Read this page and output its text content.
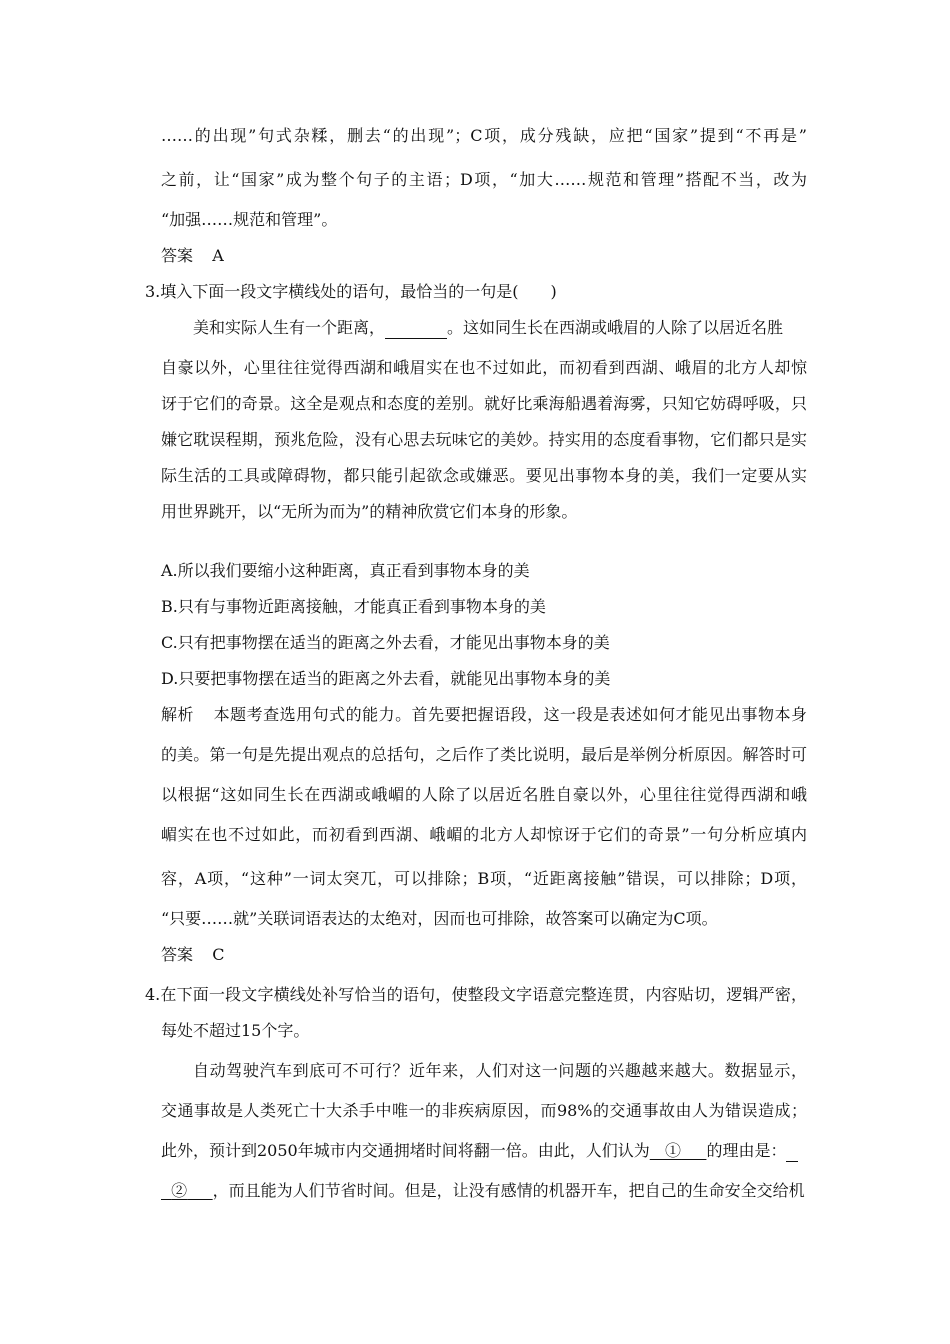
……的出现”句式杂糅，删去“的出现”；C项，成分残缺，应把“国家”提到“不再是”
之前，让“国家”成为整个句子的主语；D项，“加大……规范和管理”搭配不当，改为
“加强……规范和管理”。
答案 A
3.填入下面一段文字横线处的语句，最恰当的一句是(　　)
美和实际人生有一个距离，	。这如同生长在西湖或峨眉的人除了以居近名胜
自豪以外，心里往往觉得西湖和峨眉实在也不过如此，而初看到西湖、峨眉的北方人却惊
讶于它们的奇景。这全是观点和态度的差别。就好比乘海船遇着海雾，只知它妨碍呼吸，只
嫌它耽误程期，预兆危险，没有心思去玩味它的美妙。持实用的态度看事物，它们都只是实
际生活的工具或障碍物，都只能引起欲念或嫌恶。要见出事物本身的美，我们一定要从实
用世界跳开，以“无所为而为”的精神欣赏它们本身的形象。
A.所以我们要缩小这种距离，真正看到事物本身的美
B.只有与事物近距离接触，才能真正看到事物本身的美
C.只有把事物摆在适当的距离之外去看，才能见出事物本身的美
D.只要把事物摆在适当的距离之外去看，就能见出事物本身的美
解析 本题考查选用句式的能力。首先要把握语段，这一段是表述如何才能见出事物本身
的美。第一句是先提出观点的总括句，之后作了类比说明，最后是举例分析原因。解答时可
以根据“这如同生长在西湖或峨嵋的人除了以居近名胜自豪以外，心里往往觉得西湖和峨
嵋实在也不过如此，而初看到西湖、峨嵋的北方人却惊讶于它们的奇景”一句分析应填内
容，A项，“这种”一词太突兀，可以排除；B项，“近距离接触”错误，可以排除；D项，
“只要……就”关联词语表达的太绝对，因而也可排除，故答案可以确定为C项。
答案 C
4.在下面一段文字横线处补写恰当的语句，使整段文字语意完整连贯，内容贴切，逻辑严密，
每处不超过15个字。
自动驾驶汽车到底可不可行？近年来，人们对这一问题的兴趣越来越大。数据显示，
交通事故是人类死亡十大杀手中唯一的非疾病原因，而98%的交通事故由人为错误造成；
此外，预计到2050年城市内交通拥堵时间将翻一倍。由此，人们认为 ① 的理由是：
② ，而且能为人们节省时间。但是，让没有感情的机器开车，把自己的生命安全交给机
